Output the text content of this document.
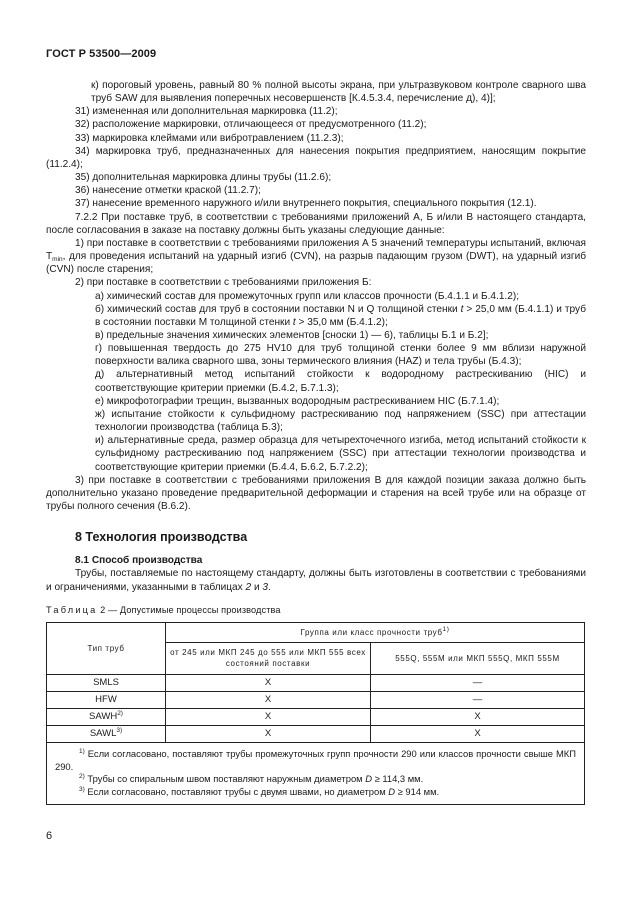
ГОСТ Р 53500—2009

к) пороговый уровень, равный 80 % полной высоты экрана, при ультразвуковом контроле сварного шва труб SAW для выявления поперечных несовершенств [К.4.5.3.4, перечисление д), 4)];

31) измененная или дополнительная маркировка (11.2);

32) расположение маркировки, отличающееся от предусмотренного (11.2);

33) маркировка клеймами или вибротравлением (11.2.3);

34) маркировка труб, предназначенных для нанесения покрытия предприятием, наносящим покрытие (11.2.4);

35) дополнительная маркировка длины трубы (11.2.6);

36) нанесение отметки краской (11.2.7);

37) нанесение временного наружного и/или внутреннего покрытия, специального покрытия (12.1).

7.2.2 При поставке труб, в соответствии с требованиями приложений А, Б и/или В настоящего стандарта, после согласования в заказе на поставку должны быть указаны следующие данные:

1) при поставке в соответствии с требованиями приложения А 5 значений температуры испытаний, включая $T_{min}$, для проведения испытаний на ударный изгиб (CVN), на разрыв падающим грузом (DWT), на ударный изгиб (CVN) после старения;

2) при поставке в соответствии с требованиями приложения Б:

а) химический состав для промежуточных групп или классов прочности (Б.4.1.1 и Б.4.1.2);

б) химический состав для труб в состоянии поставки N и Q толщиной стенки t > 25,0 мм (Б.4.1.1) и труб в состоянии поставки М толщиной стенки t > 35,0 мм (Б.4.1.2);

в) предельные значения химических элементов [сноски 1) — 6), таблицы Б.1 и Б.2];

г) повышенная твердость до 275 HV10 для труб толщиной стенки более 9 мм вблизи наружной поверхности валика сварного шва, зоны термического влияния (HAZ) и тела трубы (Б.4.3);

д) альтернативный метод испытаний стойкости к водородному растрескиванию (HIC) и соответствующие критерии приемки (Б.4.2, Б.7.1.3);

е) микрофотографии трещин, вызванных водородным растрескиванием HIC (Б.7.1.4);

ж) испытание стойкости к сульфидному растрескиванию под напряжением (SSC) при аттестации технологии производства (таблица Б.3);

и) альтернативные среда, размер образца для четырехточечного изгиба, метод испытаний стойкости к сульфидному растрескиванию под напряжением (SSC) при аттестации технологии производства и соответствующие критерии приемки (Б.4.4, Б.6.2, Б.7.2.2);

3) при поставке в соответствии с требованиями приложения В для каждой позиции заказа должно быть дополнительно указано проведение предварительной деформации и старения на всей трубе или на образце от трубы полного сечения (В.6.2).

8 Технология производства
8.1 Способ производства

Трубы, поставляемые по настоящему стандарту, должны быть изготовлены в соответствии с требованиями и ограничениями, указанными в таблицах 2 и 3.

Таблица 2 — Допустимые процессы производства
Тип труб	Группа или класс прочности труб$^{1)}$
	от 245 или МКП 245 до 555 или МКП 555 всех состояний поставки	555Q, 555М или МКП 555Q, МКП 555М
SMLS	X	—
HFW	X	—
SAWH$^{2)}$	X	X
SAWL$^{3)}$	X	X

$^{1)}$ Если согласовано, поставляют трубы промежуточных групп прочности 290 или классов прочности свыше МКП 290.

$^{2)}$ Трубы со спиральным швом поставляют наружным диаметром D ≥ 114,3 мм.

$^{3)}$ Если согласовано, поставляют трубы с двумя швами, но диаметром D ≥ 914 мм.		

6
